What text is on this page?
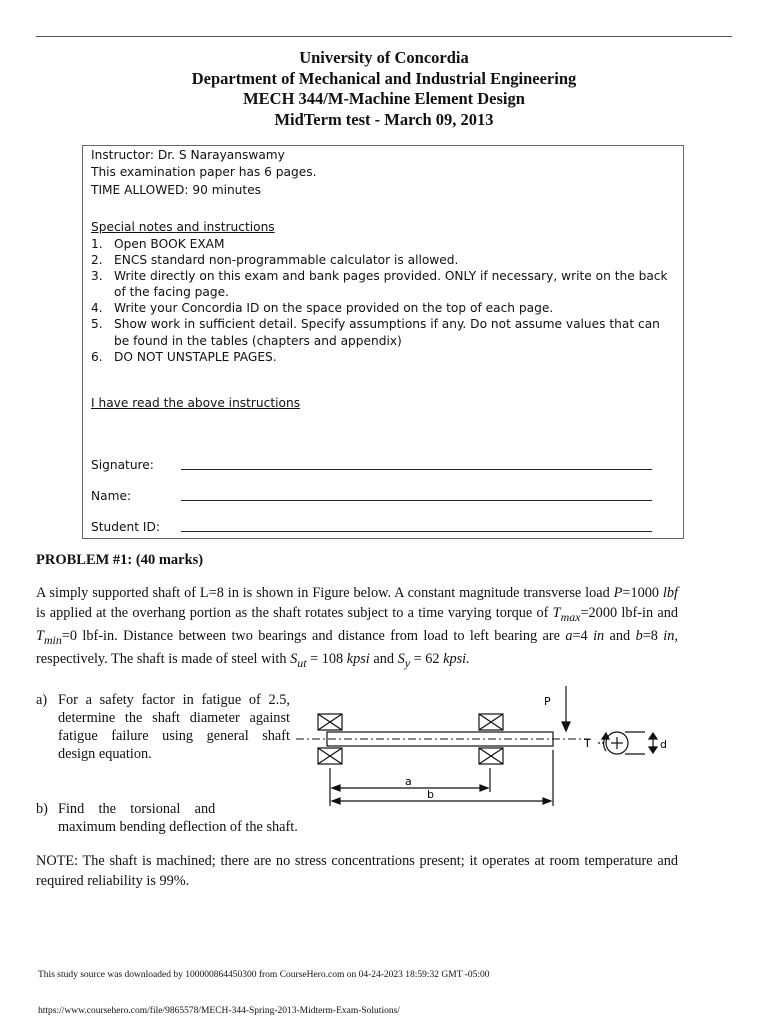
University of Concordia
Department of Mechanical and Industrial Engineering
MECH 344/M-Machine Element Design
MidTerm test - March 09, 2013
Instructor: Dr. S Narayanswamy
This examination paper has 6 pages.
TIME ALLOWED: 90 minutes
Special notes and instructions
1. Open BOOK EXAM
2. ENCS standard non-programmable calculator is allowed.
3. Write directly on this exam and bank pages provided. ONLY if necessary, write on the back of the facing page.
4. Write your Concordia ID on the space provided on the top of each page.
5. Show work in sufficient detail. Specify assumptions if any. Do not assume values that can be found in the tables (chapters and appendix)
6. DO NOT UNSTAPLE PAGES.
I have read the above instructions
Signature:
Name:
Student ID:
PROBLEM #1: (40 marks)
A simply supported shaft of L=8 in is shown in Figure below. A constant magnitude transverse load P=1000 lbf is applied at the overhang portion as the shaft rotates subject to a time varying torque of $T_{max}=2000$ lbf-in and $T_{min}=0$ lbf-in. Distance between two bearings and distance from load to left bearing are a=4 in and b=8 in, respectively. The shaft is made of steel with $S_{ut} = 108$ kpsi and $S_y = 62$ kpsi.
a) For a safety factor in fatigue of 2.5, determine the shaft diameter against fatigue failure using general shaft design equation.
b) Find    the    torsional    and
maximum bending deflection of the shaft.
P
T	d
a
b
NOTE: The shaft is machined; there are no stress concentrations present; it operates at room temperature and required reliability is 99%.
This study source was downloaded by 100000864450300 from CourseHero.com on 04-24-2023 18:59:32 GMT -05:00
https://www.coursehero.com/file/9865578/MECH-344-Spring-2013-Midterm-Exam-Solutions/
